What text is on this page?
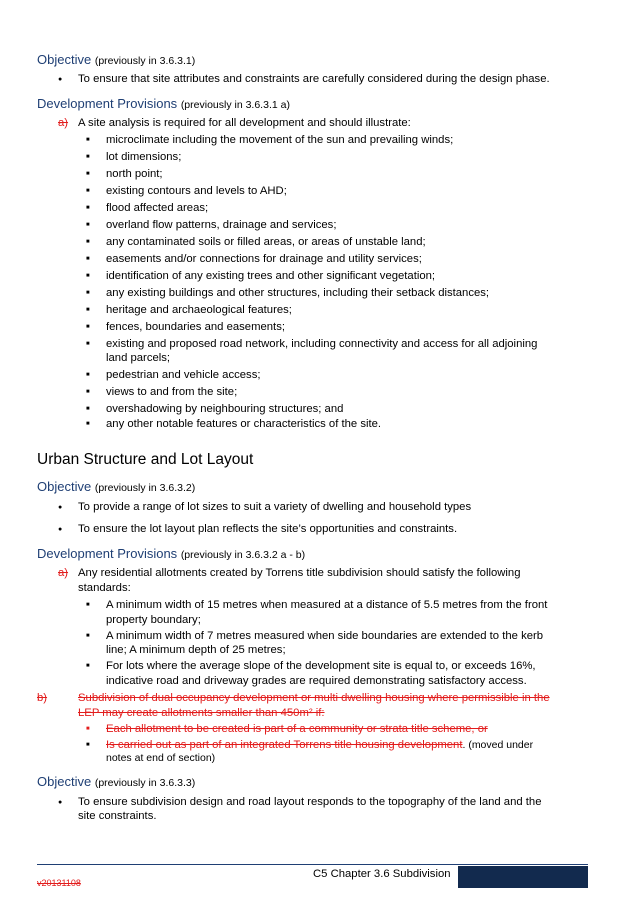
Objective (previously in 3.6.3.1)
● To ensure that site attributes and constraints are carefully considered during the design phase.
Development Provisions (previously in 3.6.3.1 a)
a) A site analysis is required for all development and should illustrate:
■ microclimate including the movement of the sun and prevailing winds;
■ lot dimensions;
■ north point;
■ existing contours and levels to AHD;
■ flood affected areas;
■ overland flow patterns, drainage and services;
■ any contaminated soils or filled areas, or areas of unstable land;
■ easements and/or connections for drainage and utility services;
■ identification of any existing trees and other significant vegetation;
■ any existing buildings and other structures, including their setback distances;
■ heritage and archaeological features;
■ fences, boundaries and easements;
■ existing and proposed road network, including connectivity and access for all adjoining
land parcels;
■ pedestrian and vehicle access;
■ views to and from the site;
■ overshadowing by neighbouring structures; and
■ any other notable features or characteristics of the site.
Urban Structure and Lot Layout
Objective (previously in 3.6.3.2)
● To provide a range of lot sizes to suit a variety of dwelling and household types
● To ensure the lot layout plan reflects the site’s opportunities and constraints.
Development Provisions (previously in 3.6.3.2 a - b)
a) Any residential allotments created by Torrens title subdivision should satisfy the following
standards:
■ A minimum width of 15 metres when measured at a distance of 5.5 metres from the front
property boundary;
■ A minimum width of 7 metres measured when side boundaries are extended to the kerb
line; A minimum depth of 25 metres;
■ For lots where the average slope of the development site is equal to, or exceeds 16%,
indicative road and driveway grades are required demonstrating satisfactory access.
b)	Subdivision of dual occupancy development or multi dwelling housing where permissible in the
LEP may create allotments smaller than 450m² if:
■ Each allotment to be created is part of a community or strata title scheme, or
■ Is carried out as part of an integrated Torrens title housing development. (moved under
notes at end of section)
Objective (previously in 3.6.3.3)
● To ensure subdivision design and road layout responds to the topography of the land and the
site constraints.
C5 Chapter 3.6 Subdivision
v20131108
